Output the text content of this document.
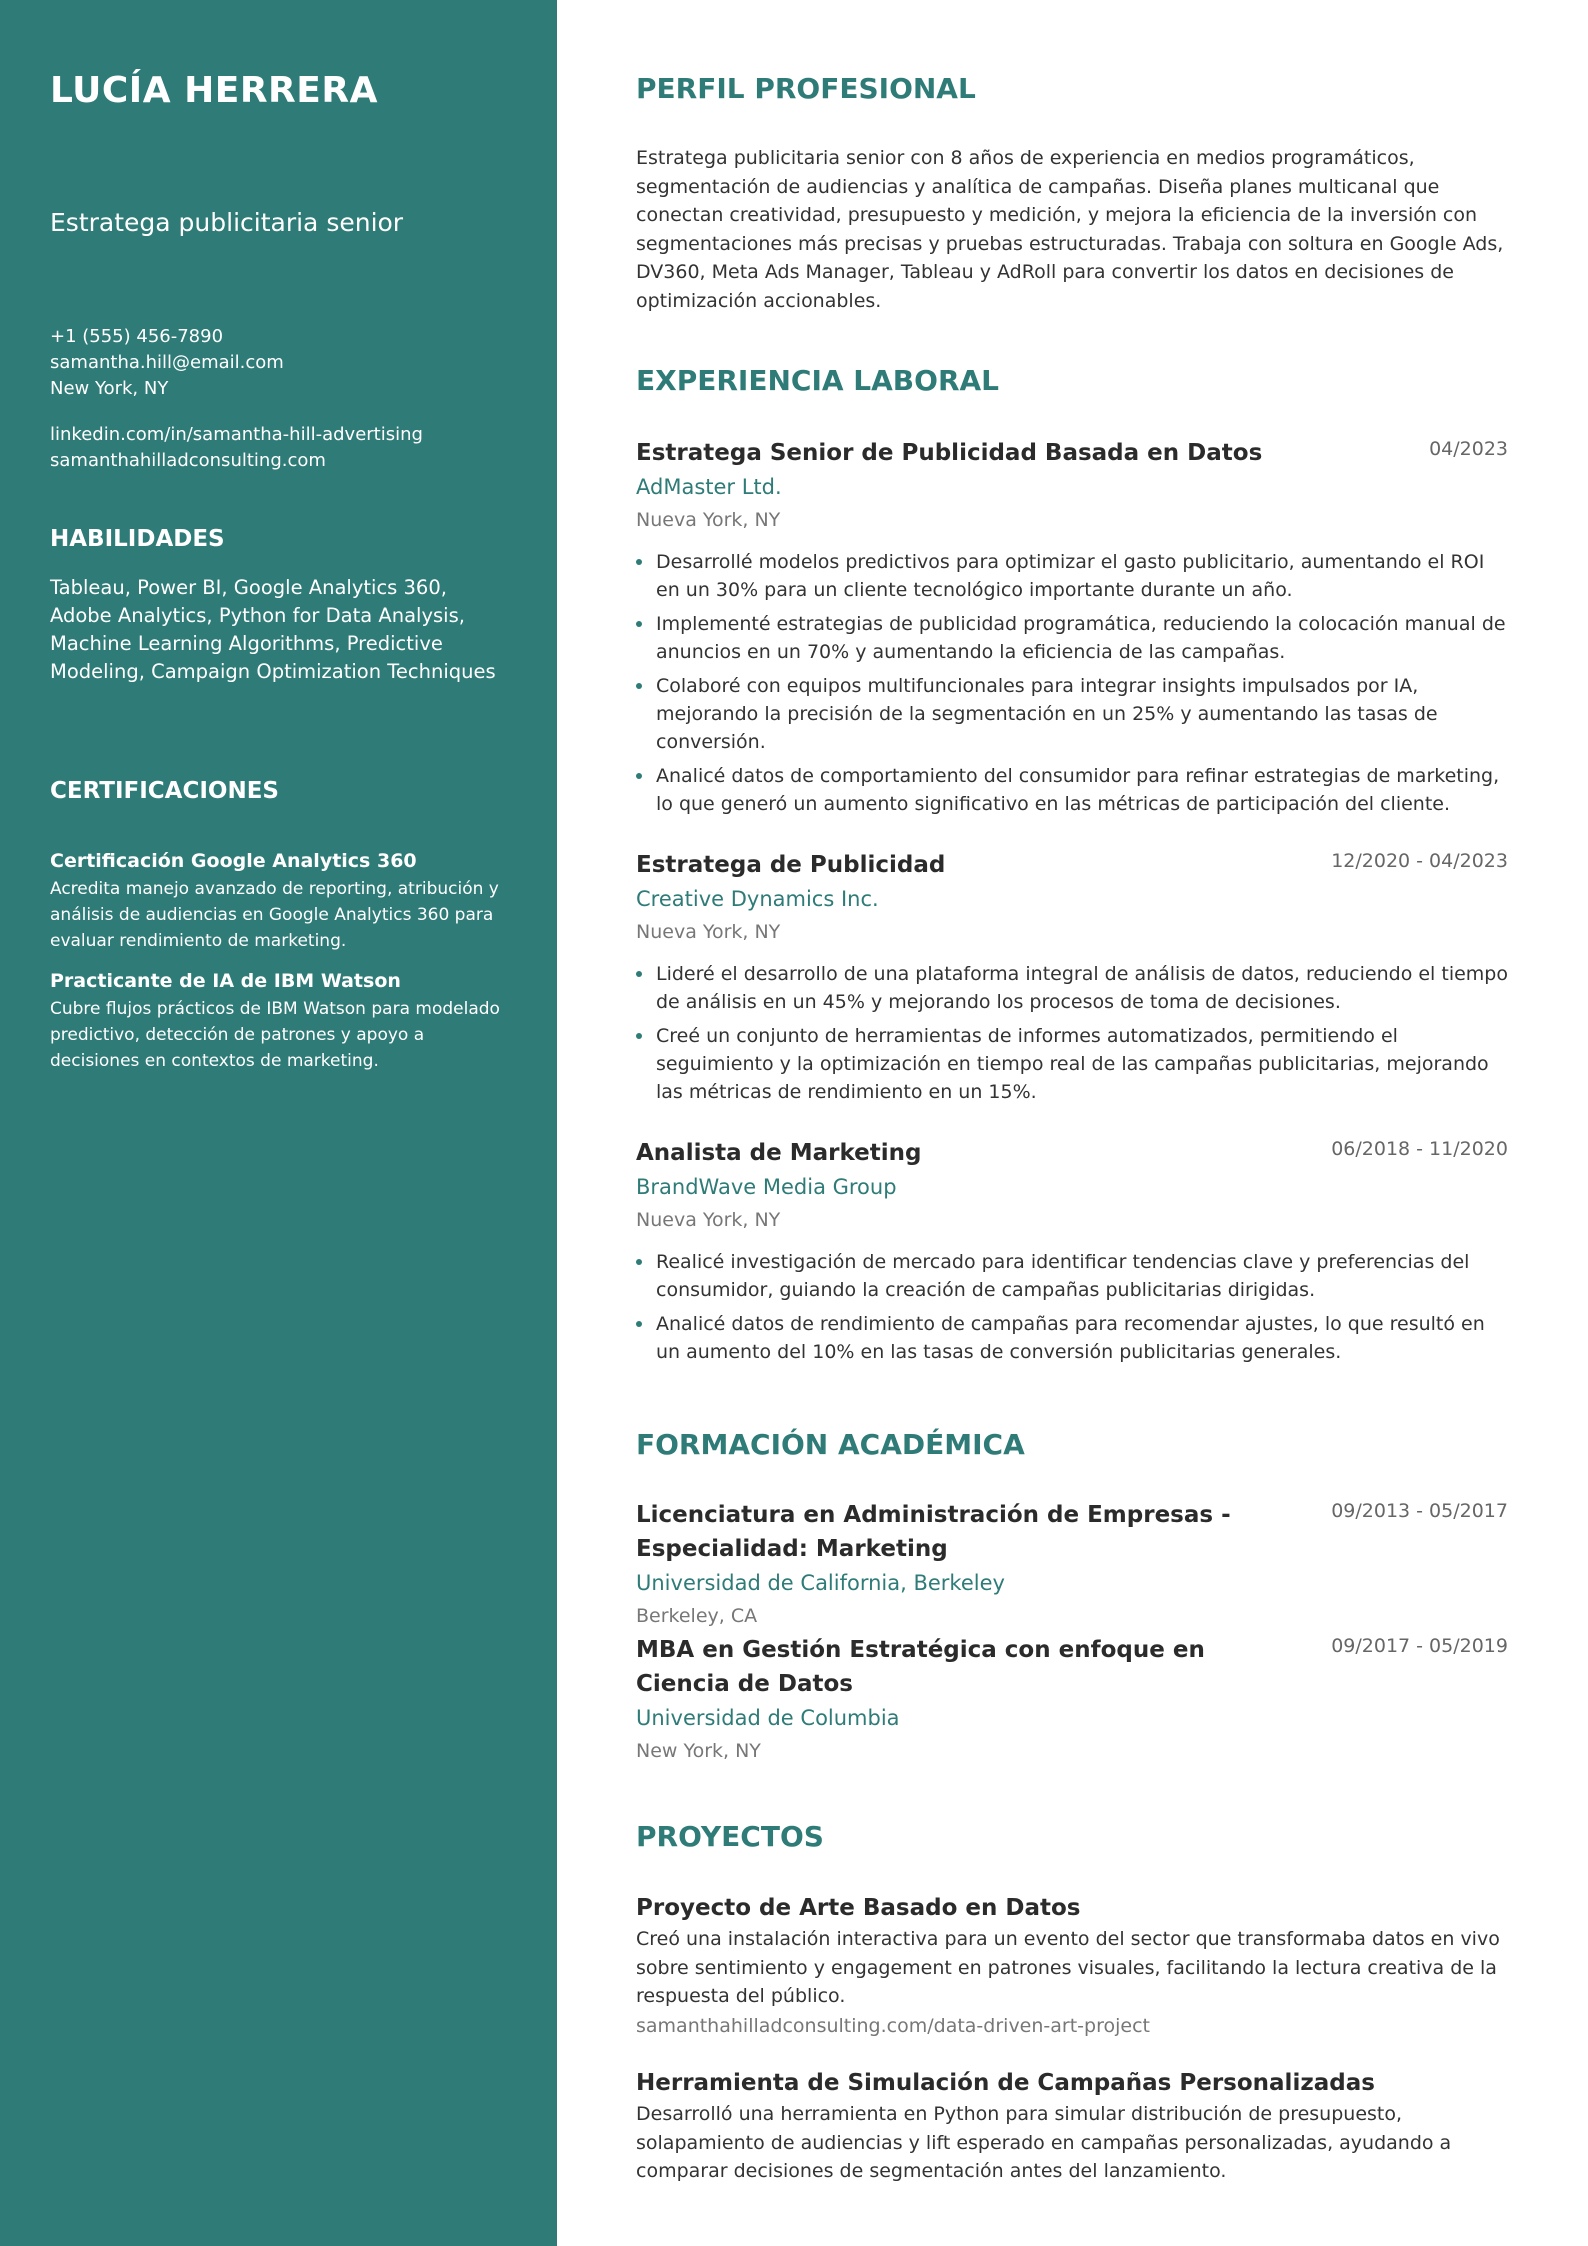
LUCÍA HERRERA
Estratega publicitaria senior
+1 (555) 456-7890
samantha.hill@email.com
New York, NY
linkedin.com/in/samantha-hill-advertising
samanthahilladconsulting.com
HABILIDADES
Tableau, Power BI, Google Analytics 360, Adobe Analytics, Python for Data Analysis, Machine Learning Algorithms, Predictive Modeling, Campaign Optimization Techniques
CERTIFICACIONES
Certificación Google Analytics 360
Acredita manejo avanzado de reporting, atribución y análisis de audiencias en Google Analytics 360 para evaluar rendimiento de marketing.
Practicante de IA de IBM Watson
Cubre flujos prácticos de IBM Watson para modelado predictivo, detección de patrones y apoyo a decisiones en contextos de marketing.
PERFIL PROFESIONAL

Estratega publicitaria senior con 8 años de experiencia en medios programáticos, segmentación de audiencias y analítica de campañas. Diseña planes multicanal que conectan creatividad, presupuesto y medición, y mejora la eficiencia de la inversión con segmentaciones más precisas y pruebas estructuradas. Trabaja con soltura en Google Ads, DV360, Meta Ads Manager, Tableau y AdRoll para convertir los datos en decisiones de optimización accionables.

EXPERIENCIA LABORAL
Estratega Senior de Publicidad Basada en Datos	04/2023
AdMaster Ltd.
Nueva York, NY
Desarrollé modelos predictivos para optimizar el gasto publicitario, aumentando el ROI en un 30% para un cliente tecnológico importante durante un año.
Implementé estrategias de publicidad programática, reduciendo la colocación manual de anuncios en un 70% y aumentando la eficiencia de las campañas.
Colaboré con equipos multifuncionales para integrar insights impulsados por IA, mejorando la precisión de la segmentación en un 25% y aumentando las tasas de conversión.
Analicé datos de comportamiento del consumidor para refinar estrategias de marketing, lo que generó un aumento significativo en las métricas de participación del cliente.
Estratega de Publicidad	12/2020 - 04/2023
Creative Dynamics Inc.
Nueva York, NY
Lideré el desarrollo de una plataforma integral de análisis de datos, reduciendo el tiempo de análisis en un 45% y mejorando los procesos de toma de decisiones.
Creé un conjunto de herramientas de informes automatizados, permitiendo el seguimiento y la optimización en tiempo real de las campañas publicitarias, mejorando las métricas de rendimiento en un 15%.
Analista de Marketing	06/2018 - 11/2020
BrandWave Media Group
Nueva York, NY
Realicé investigación de mercado para identificar tendencias clave y preferencias del consumidor, guiando la creación de campañas publicitarias dirigidas.
Analicé datos de rendimiento de campañas para recomendar ajustes, lo que resultó en un aumento del 10% en las tasas de conversión publicitarias generales.
FORMACIÓN ACADÉMICA
Licenciatura en Administración de Empresas - Especialidad: Marketing
09/2013 - 05/2017
Universidad de California, Berkeley
Berkeley, CA
MBA en Gestión Estratégica con enfoque en Ciencia de Datos
09/2017 - 05/2019
Universidad de Columbia
New York, NY
PROYECTOS
Proyecto de Arte Basado en Datos

Creó una instalación interactiva para un evento del sector que transformaba datos en vivo sobre sentimiento y engagement en patrones visuales, facilitando la lectura creativa de la respuesta del público.

samanthahilladconsulting.com/data-driven-art-project
Herramienta de Simulación de Campañas Personalizadas

Desarrolló una herramienta en Python para simular distribución de presupuesto, solapamiento de audiencias y lift esperado en campañas personalizadas, ayudando a comparar decisiones de segmentación antes del lanzamiento.
